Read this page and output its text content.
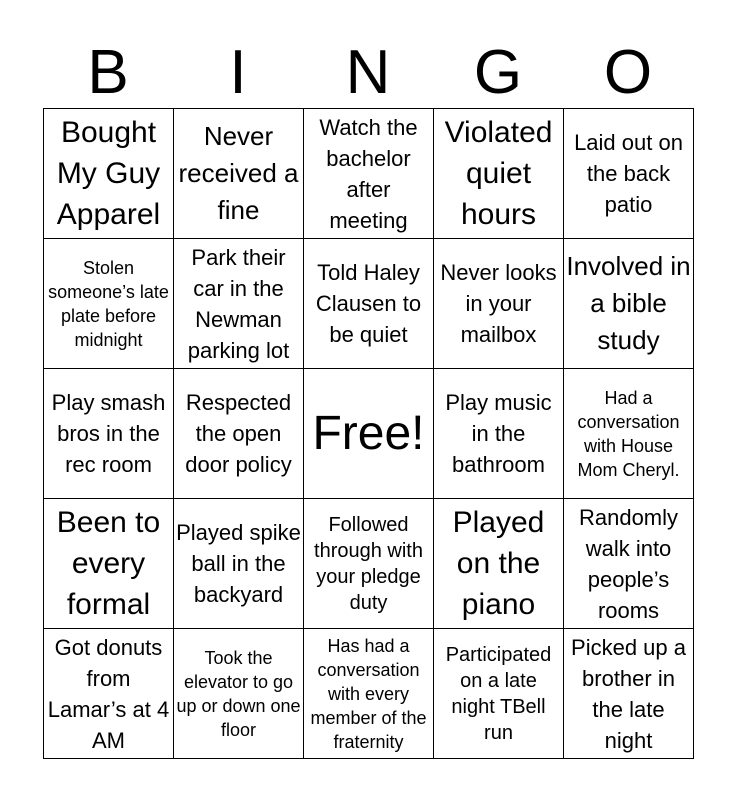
B	I	N	G	O
Bought My Guy Apparel	Never received a fine	Watch the bachelor after meeting	Violated quiet hours	Laid out on the back patio

Stolen someone’s late plate before midnight	Park their car in the Newman parking lot	Told Haley Clausen to be quiet	Never looks in your mailbox	Involved in a bible study

Play smash bros in the rec room	Respected the open door policy	Free!	Play music in the bathroom	Had a conversation with House Mom Cheryl.

Been to every formal	Played spike ball in the backyard	Followed through with your pledge duty	Played on the piano	Randomly walk into people’s rooms

Got donuts from Lamar’s at 4 AM	Took the elevator to go up or down one floor	Has had a conversation with every member of the fraternity	Participated on a late night TBell run	Picked up a brother in the late night
